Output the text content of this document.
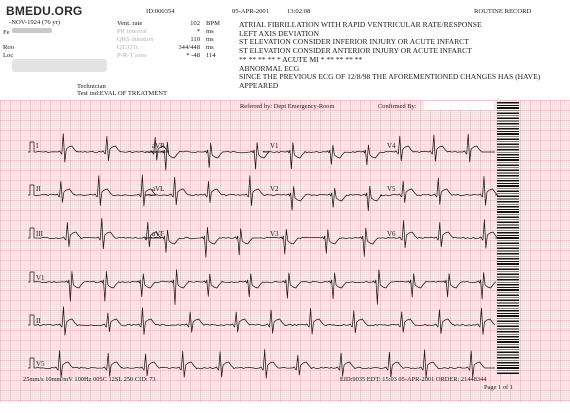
BMEDU.ORG
-NOV-1924 (76 yr)
Fe
Roo
Loc
ID:000354	05-APR-2001	13:02:08	ROUTINE RECORD
Vent. rate	102 BPM
PR interval	* ms
QRS duration	110 ms
QT/QTc	344/448 ms
P-R-T axes	* -48 114
Technician
Test ind:EVAL OF TREATMENT
ATRIAL FIBRILLATION WITH RAPID VENTRICULAR RATE/RESPONSE
LEFT AXIS DEVIATION
ST ELEVATION CONSIDER INFERIOR INJURY OR ACUTE INFARCT
ST ELEVATION CONSIDER ANTERIOR INJURY OR ACUTE INFARCT
** ** ** ** * ACUTE MI * ** ** ** **
ABNORMAL ECG
SINCE THE PREVIOUS ECG OF 12/8/98 THE AFOREMENTIONED CHANGES HAS (HAVE)
APPEARED
Referred by: Dept Emergency-Room	Confirmed By:
I	aVR	V1	V4
II	aVL	V2	V5
III	aVF	V3	V6
V1
II
V5
25mm/s 10mm/mV 100Hz 005C 12SL 250 CID: 73	EID:9035 EDT: 15:03 05-APR-2001 ORDER: 21448344
Page 1 of 1
